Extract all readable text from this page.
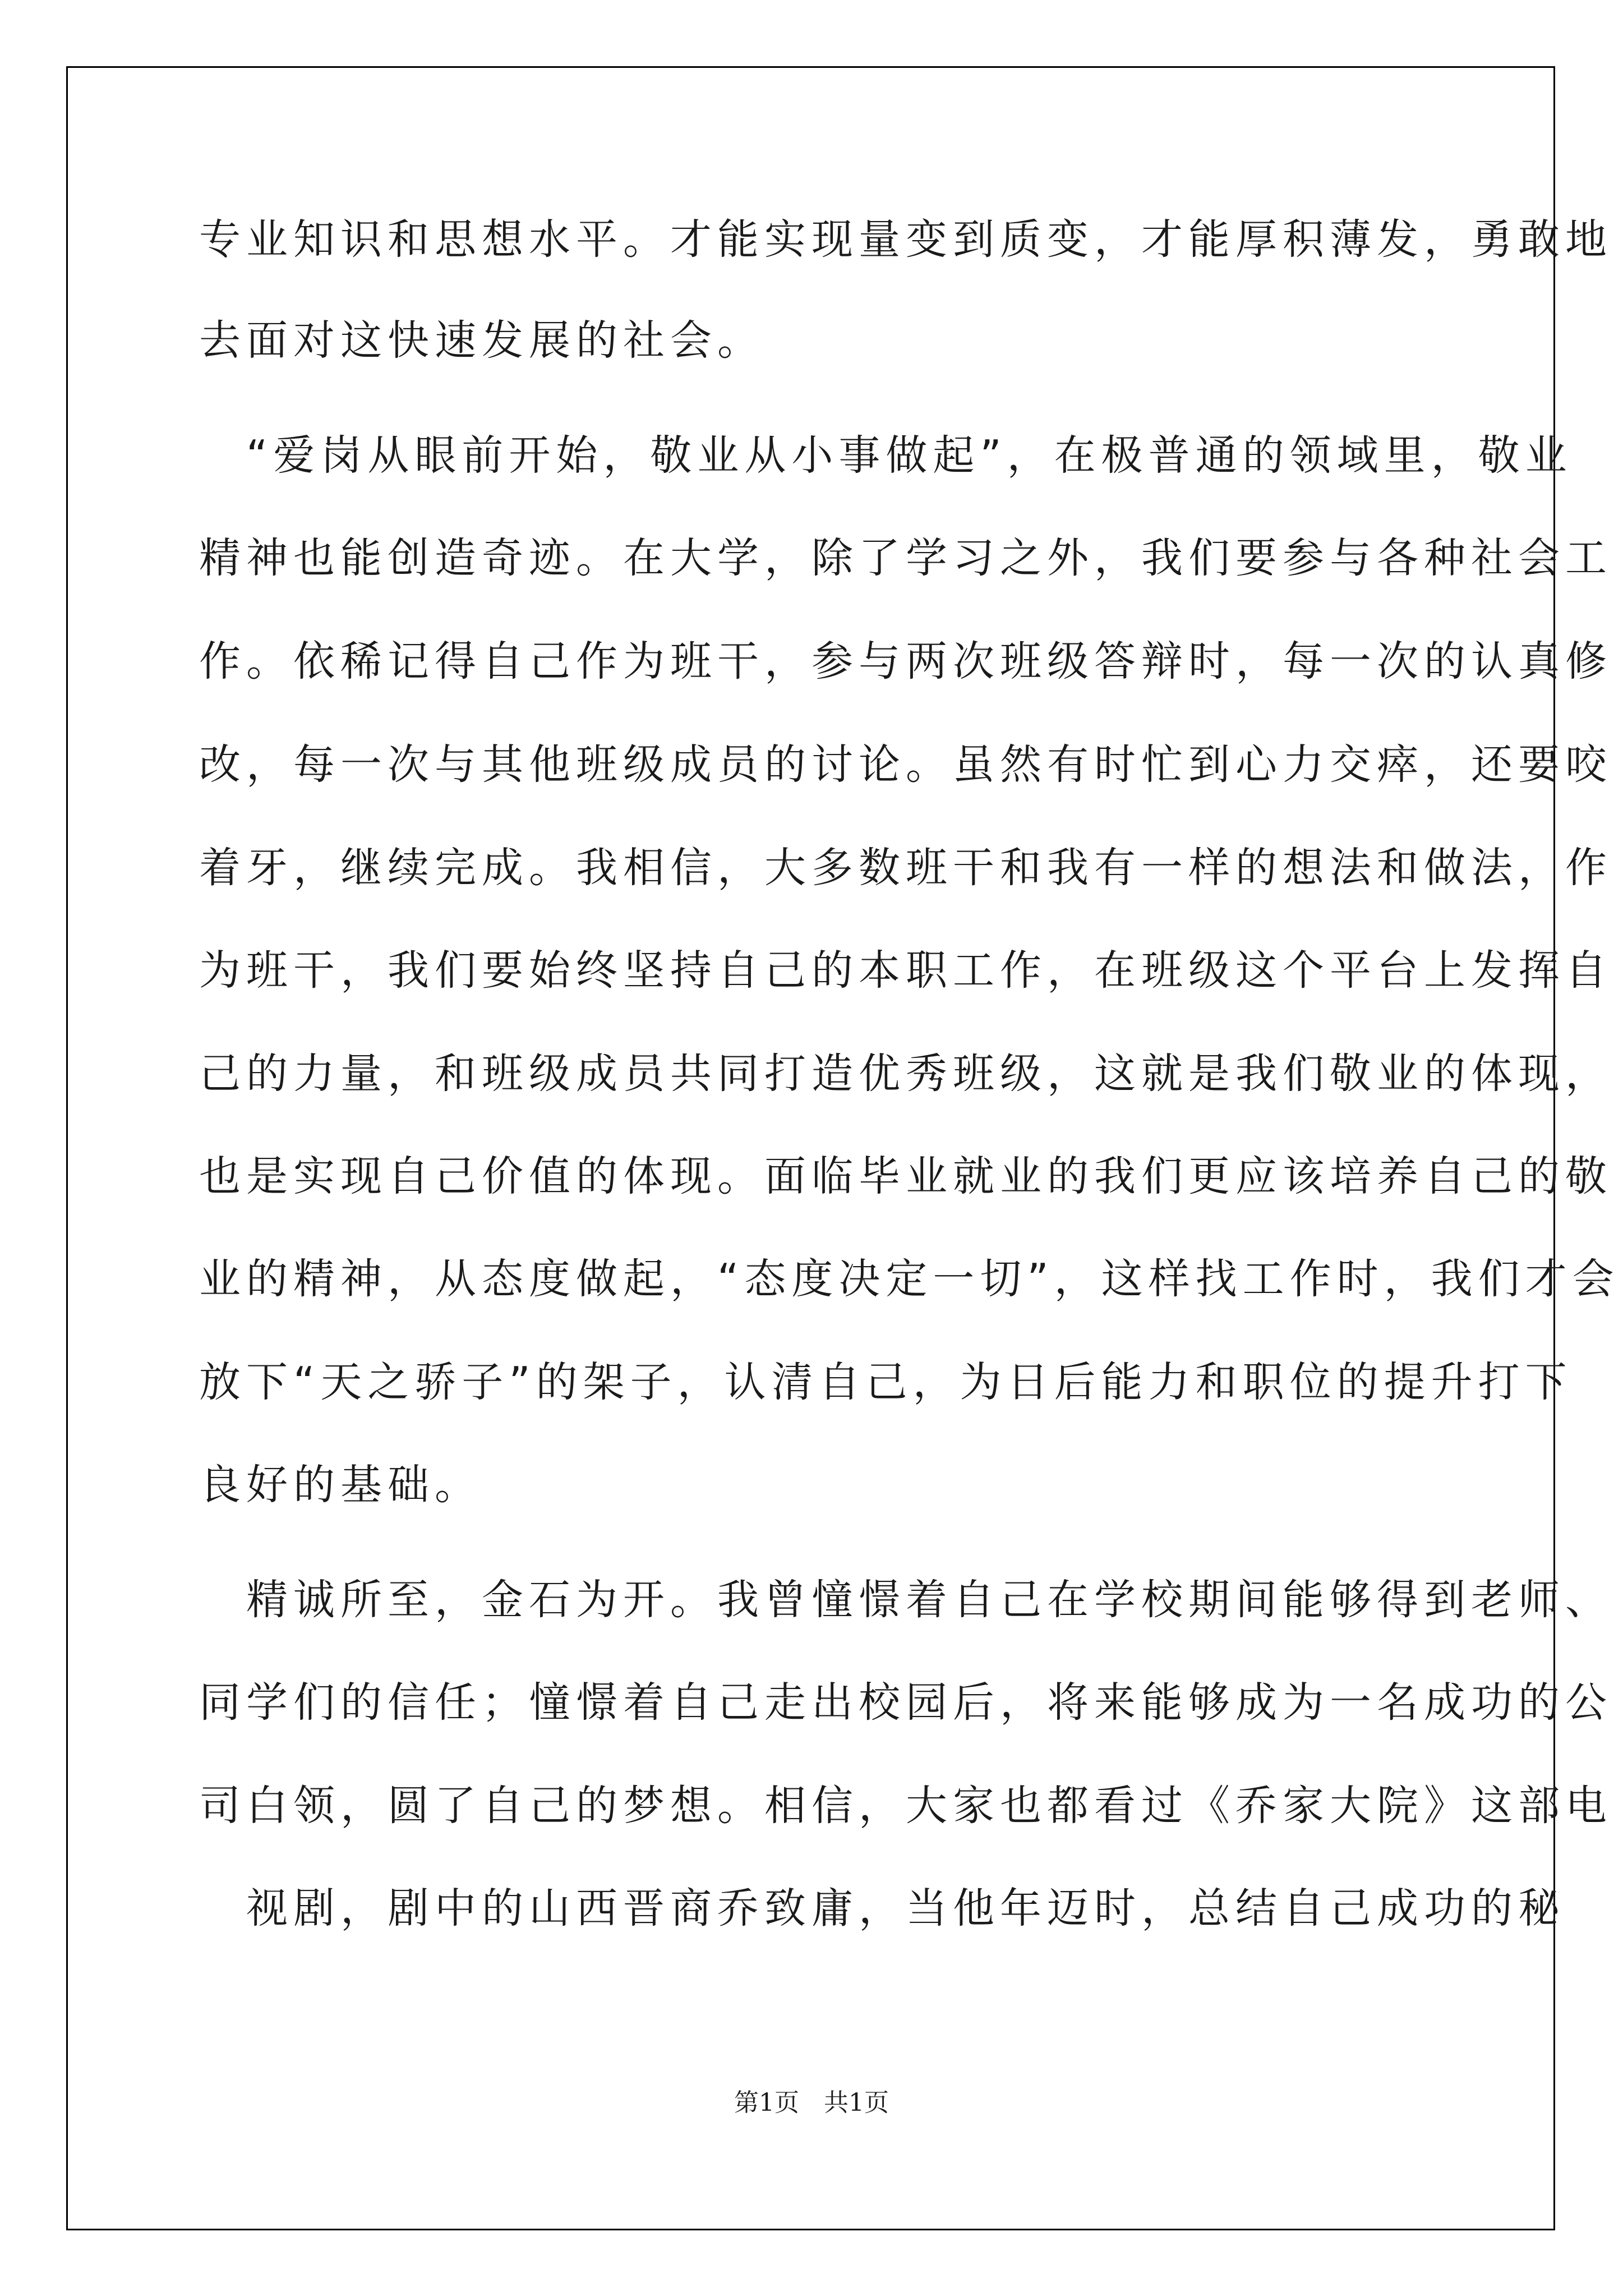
专业知识和思想水平。才能实现量变到质变，才能厚积薄发，勇敢地
去面对这快速发展的社会。
　“爱岗从眼前开始，敬业从小事做起”，在极普通的领域里，敬业
精神也能创造奇迹。在大学，除了学习之外，我们要参与各种社会工
作。依稀记得自己作为班干，参与两次班级答辩时，每一次的认真修
改，每一次与其他班级成员的讨论。虽然有时忙到心力交瘁，还要咬
着牙，继续完成。我相信，大多数班干和我有一样的想法和做法，作
为班干，我们要始终坚持自己的本职工作，在班级这个平台上发挥自
己的力量，和班级成员共同打造优秀班级，这就是我们敬业的体现，
也是实现自己价值的体现。面临毕业就业的我们更应该培养自己的敬
业的精神，从态度做起，“态度决定一切”，这样找工作时，我们才会
放下“天之骄子”的架子，认清自己，为日后能力和职位的提升打下
良好的基础。
　精诚所至，金石为开。我曾憧憬着自己在学校期间能够得到老师、
同学们的信任；憧憬着自己走出校园后，将来能够成为一名成功的公
司白领，圆了自己的梦想。相信，大家也都看过《乔家大院》这部电
　视剧，剧中的山西晋商乔致庸，当他年迈时，总结自己成功的秘
第1页　共1页
